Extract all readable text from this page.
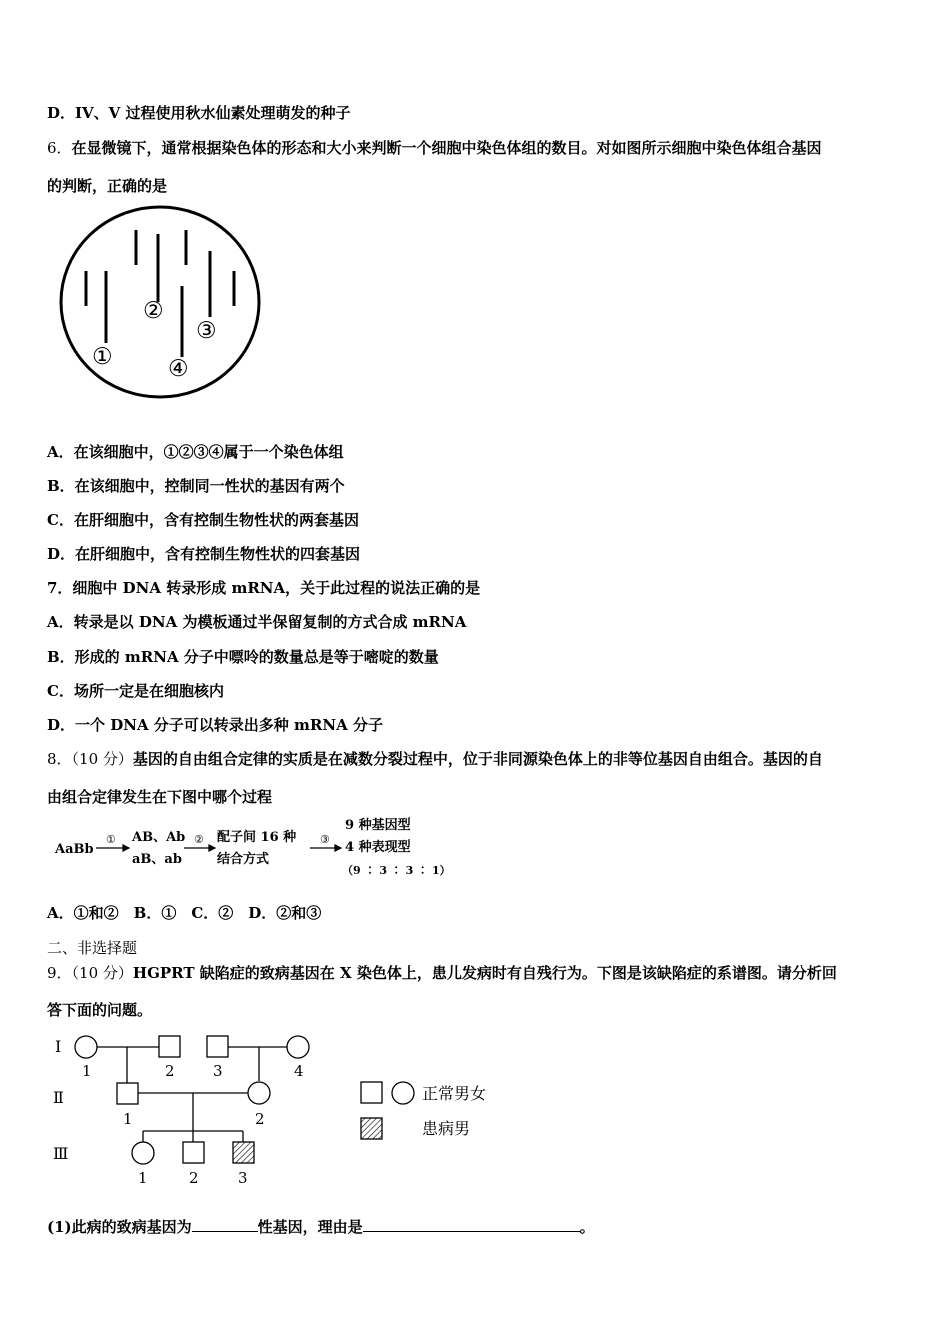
D．IV、V 过程使用秋水仙素处理萌发的种子
6．在显微镜下，通常根据染色体的形态和大小来判断一个细胞中染色体组的数目。对如图所示细胞中染色体组合基因
的判断，正确的是
①
②
③
④
A．在该细胞中，①②③④属于一个染色体组
B．在该细胞中，控制同一性状的基因有两个
C．在肝细胞中，含有控制生物性状的两套基因
D．在肝细胞中，含有控制生物性状的四套基因
7．细胞中 DNA 转录形成 mRNA，关于此过程的说法正确的是
A．转录是以 DNA 为模板通过半保留复制的方式合成 mRNA
B．形成的 mRNA 分子中嘌呤的数量总是等于嘧啶的数量
C．场所一定是在细胞核内
D．一个 DNA 分子可以转录出多种 mRNA 分子
8．（10 分）基因的自由组合定律的实质是在减数分裂过程中，位于非同源染色体上的非等位基因自由组合。基因的自
由组合定律发生在下图中哪个过程
AaBb
① AB、Ab
aB、ab
② 配子间 16 种
结合方式
③
9 种基因型
4 种表现型
（9 ∶ 3 ∶ 3 ∶ 1）
A．①和②　B．①　C．②　D．②和③
二、非选择题
9．（10 分）HGPRT 缺陷症的致病基因在 X 染色体上，患儿发病时有自残行为。下图是该缺陷症的系谱图。请分析回
答下面的问题。
Ⅰ
Ⅱ
Ⅲ
1	2	3	4
1	2
1	2	3
正常男女
患病男
(1)此病的致病基因为	性基因，理由是	。
